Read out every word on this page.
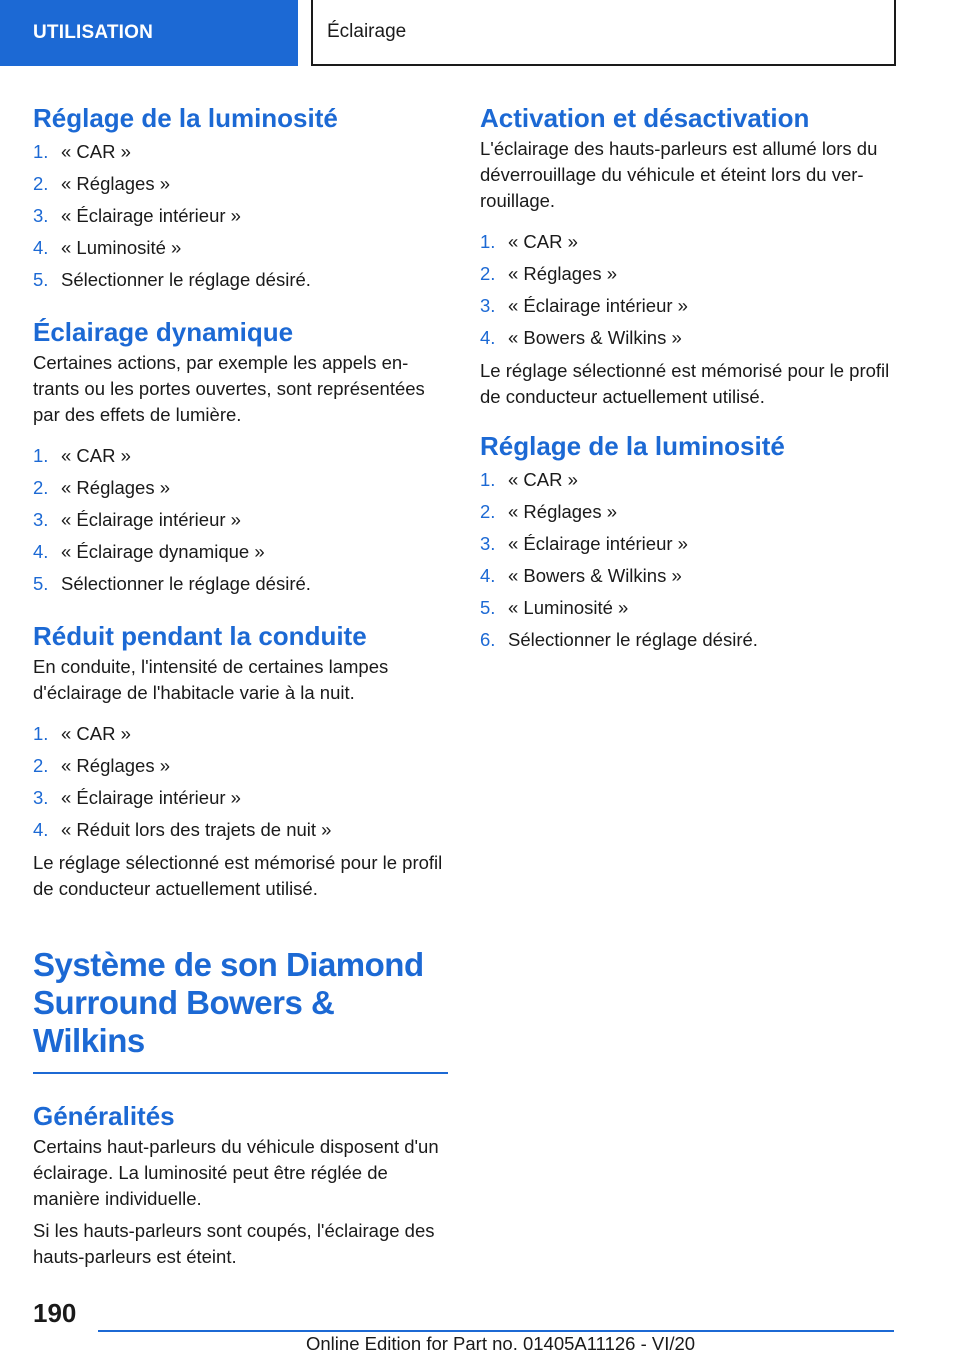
UTILISATION	Éclairage
Réglage de la luminosité
1. « CAR »
2. « Réglages »
3. « Éclairage intérieur »
4. « Luminosité »
5. Sélectionner le réglage désiré.
Éclairage dynamique

Certaines actions, par exemple les appels en-trants ou les portes ouvertes, sont représentées par des effets de lumière.

1. « CAR »
2. « Réglages »
3. « Éclairage intérieur »
4. « Éclairage dynamique »
5. Sélectionner le réglage désiré.
Réduit pendant la conduite

En conduite, l'intensité de certaines lampes d'éclairage de l'habitacle varie à la nuit.

1. « CAR »
2. « Réglages »
3. « Éclairage intérieur »
4. « Réduit lors des trajets de nuit »

Le réglage sélectionné est mémorisé pour le profil de conducteur actuellement utilisé.

Système de son Diamond
Surround Bowers & Wilkins
Généralités

Certains haut-parleurs du véhicule disposent d'un éclairage. La luminosité peut être réglée de manière individuelle.

Si les hauts-parleurs sont coupés, l'éclairage des hauts-parleurs est éteint.

Activation et désactivation

L'éclairage des hauts-parleurs est allumé lors du déverrouillage du véhicule et éteint lors du ver-rouillage.

1. « CAR »
2. « Réglages »
3. « Éclairage intérieur »
4. « Bowers & Wilkins »

Le réglage sélectionné est mémorisé pour le profil de conducteur actuellement utilisé.

Réglage de la luminosité
1. « CAR »
2. « Réglages »
3. « Éclairage intérieur »
4. « Bowers & Wilkins »
5. « Luminosité »
6. Sélectionner le réglage désiré.
190
Online Edition for Part no. 01405A11126 - VI/20
